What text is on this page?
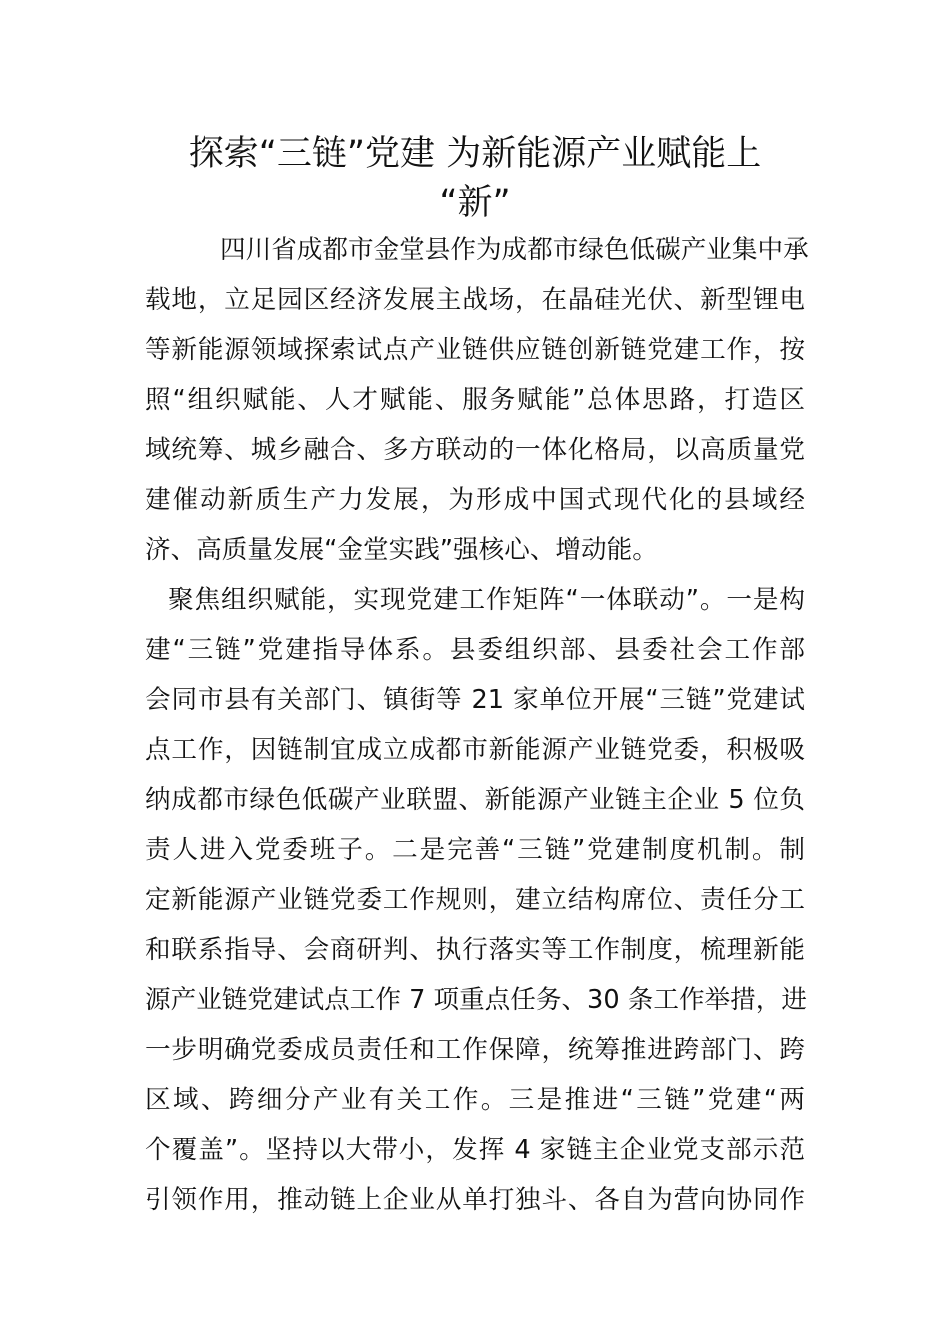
探索“三链”党建 为新能源产业赋能上
“新”
四川省成都市金堂县作为成都市绿色低碳产业集中承
载地，立足园区经济发展主战场，在晶硅光伏、新型锂电
等新能源领域探索试点产业链供应链创新链党建工作，按
照“组织赋能、人才赋能、服务赋能”总体思路，打造区
域统筹、城乡融合、多方联动的一体化格局，以高质量党
建催动新质生产力发展，为形成中国式现代化的县域经
济、高质量发展“金堂实践”强核心、增动能。
聚焦组织赋能，实现党建工作矩阵“一体联动”。一是构
建“三链”党建指导体系。县委组织部、县委社会工作部
会同市县有关部门、镇街等 21 家单位开展“三链”党建试
点工作，因链制宜成立成都市新能源产业链党委，积极吸
纳成都市绿色低碳产业联盟、新能源产业链主企业 5 位负
责人进入党委班子。二是完善“三链”党建制度机制。制
定新能源产业链党委工作规则，建立结构席位、责任分工
和联系指导、会商研判、执行落实等工作制度，梳理新能
源产业链党建试点工作 7 项重点任务、30 条工作举措，进
一步明确党委成员责任和工作保障，统筹推进跨部门、跨
区域、跨细分产业有关工作。三是推进“三链”党建“两
个覆盖”。坚持以大带小，发挥 4 家链主企业党支部示范
引领作用，推动链上企业从单打独斗、各自为营向协同作
